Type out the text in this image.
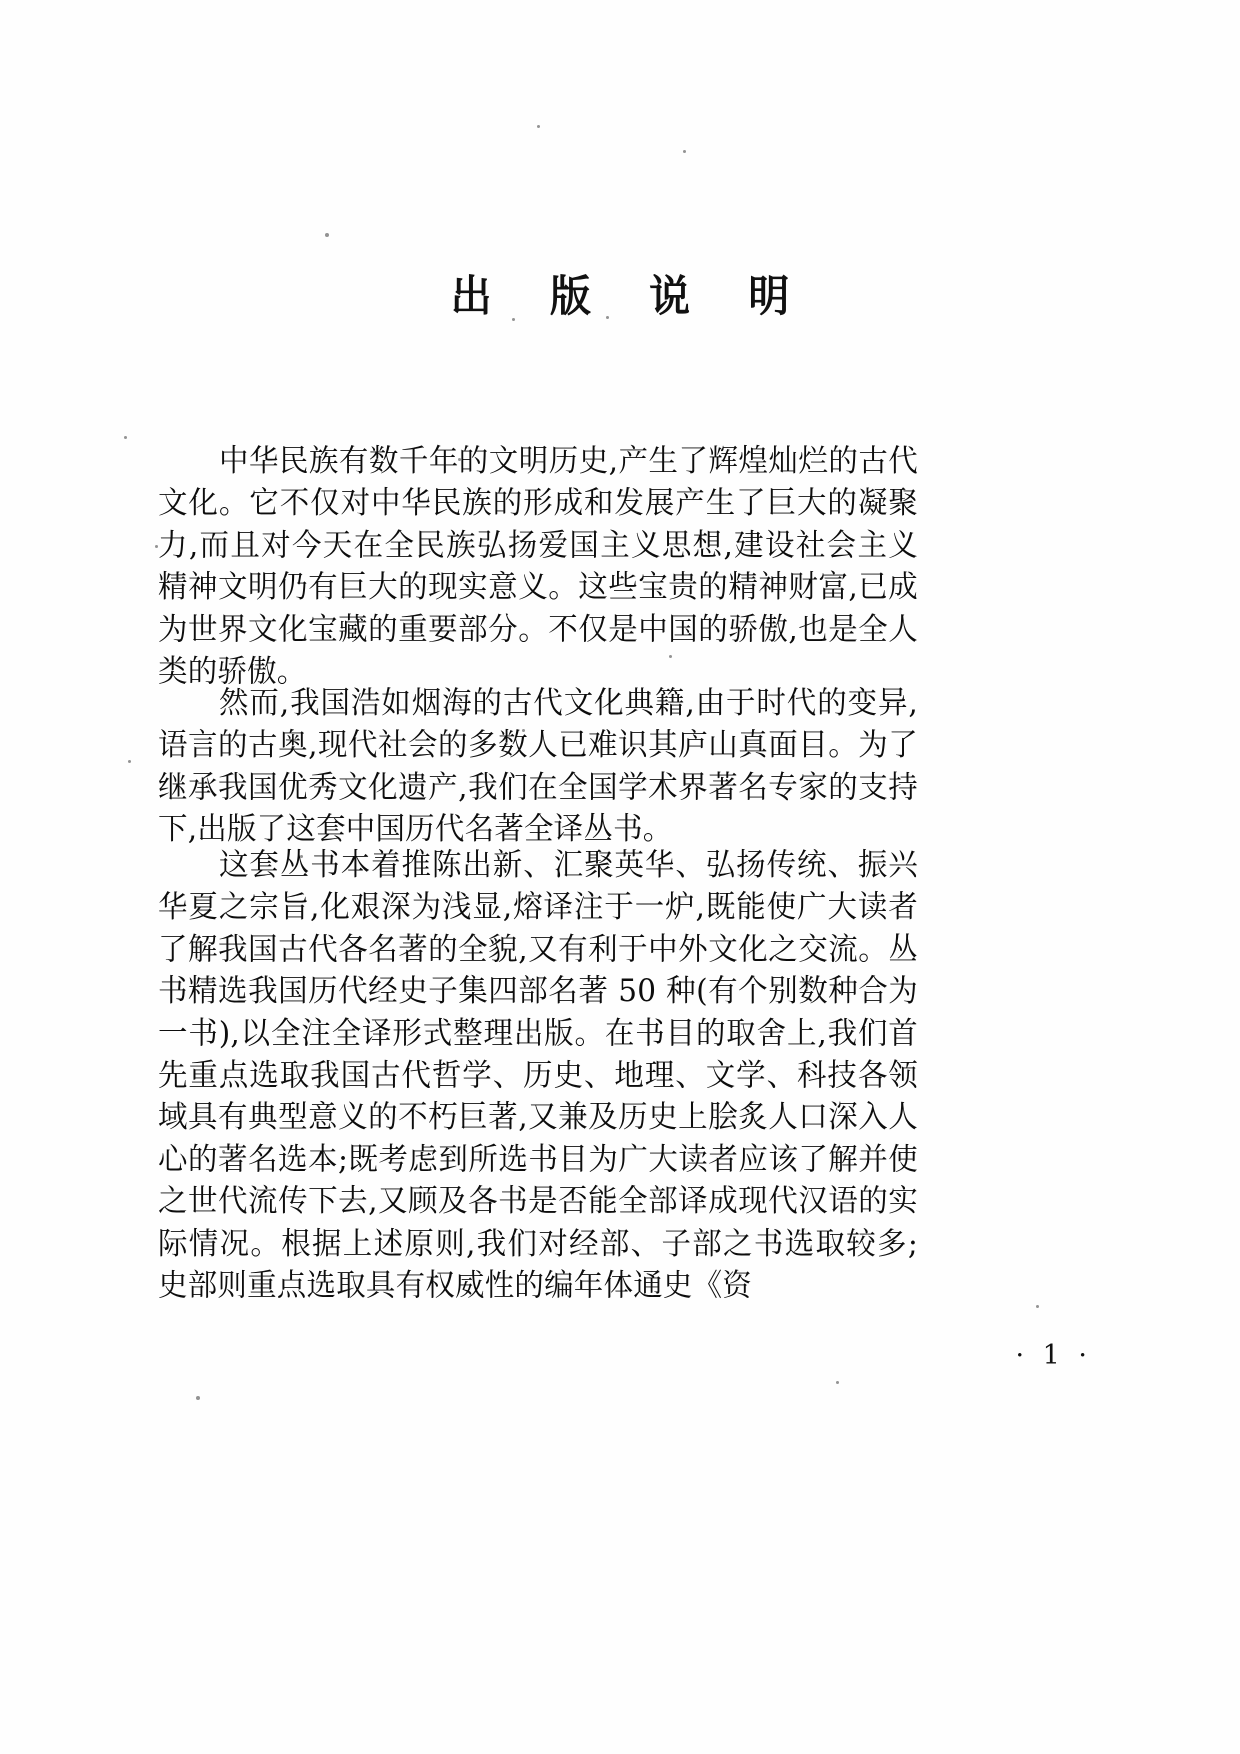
出 版 说 明

中华民族有数千年的文明历史,产生了辉煌灿烂的古代文化。它不仅对中华民族的形成和发展产生了巨大的凝聚力,而且对今天在全民族弘扬爱国主义思想,建设社会主义精神文明仍有巨大的现实意义。这些宝贵的精神财富,已成为世界文化宝藏的重要部分。不仅是中国的骄傲,也是全人类的骄傲。

然而,我国浩如烟海的古代文化典籍,由于时代的变异,语言的古奥,现代社会的多数人已难识其庐山真面目。为了继承我国优秀文化遗产,我们在全国学术界著名专家的支持下,出版了这套中国历代名著全译丛书。

这套丛书本着推陈出新、汇聚英华、弘扬传统、振兴华夏之宗旨,化艰深为浅显,熔译注于一炉,既能使广大读者了解我国古代各名著的全貌,又有利于中外文化之交流。丛书精选我国历代经史子集四部名著 50 种(有个别数种合为一书),以全注全译形式整理出版。在书目的取舍上,我们首先重点选取我国古代哲学、历史、地理、文学、科技各领域具有典型意义的不朽巨著,又兼及历史上脍炙人口深入人心的著名选本;既考虑到所选书目为广大读者应该了解并使之世代流传下去,又顾及各书是否能全部译成现代汉语的实际情况。根据上述原则,我们对经部、子部之书选取较多;史部则重点选取具有权威性的编年体通史《资

· 1 ·
